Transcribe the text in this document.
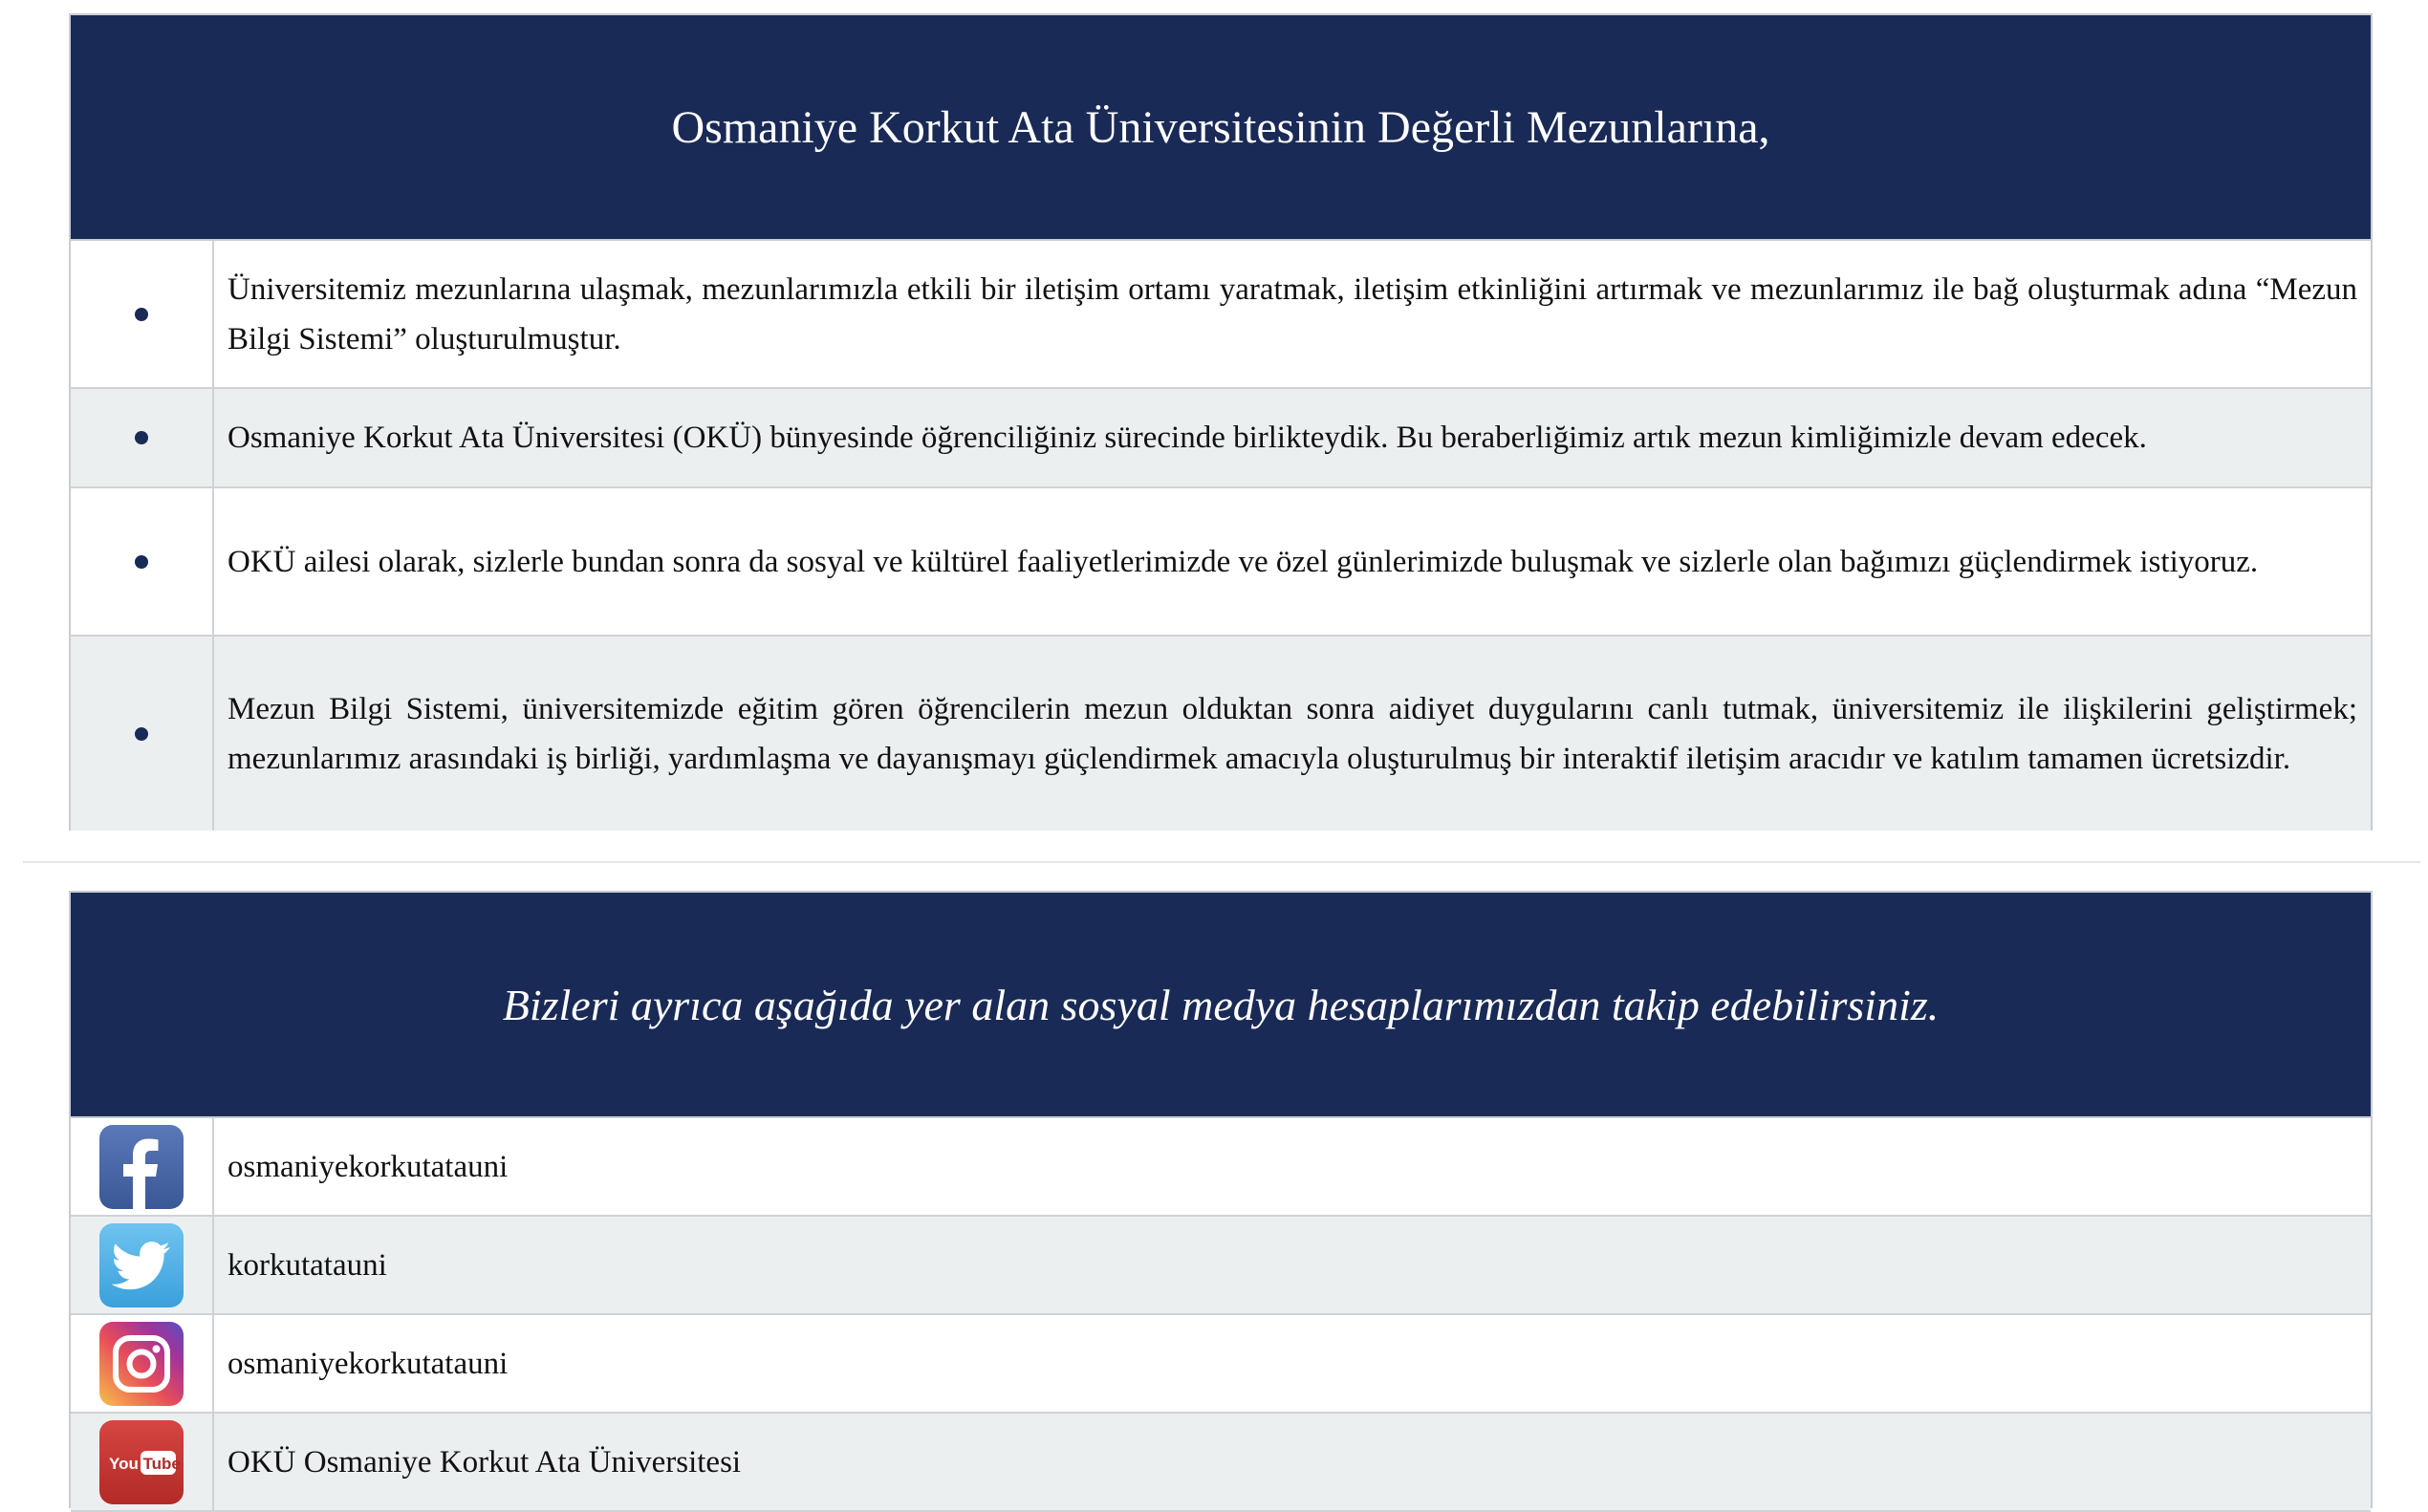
Osmaniye Korkut Ata Üniversitesinin Değerli Mezunlarına,
Üniversitemiz mezunlarına ulaşmak, mezunlarımızla etkili bir iletişim ortamı yaratmak, iletişim etkinliğini artırmak ve mezunlarımız ile bağ oluşturmak adına “Mezun Bilgi Sistemi” oluşturulmuştur.
Osmaniye Korkut Ata Üniversitesi (OKÜ) bünyesinde öğrenciliğiniz sürecinde birlikteydik. Bu beraberliğimiz artık mezun kimliğimizle devam edecek.
OKÜ ailesi olarak, sizlerle bundan sonra da sosyal ve kültürel faaliyetlerimizde ve özel günlerimizde buluşmak ve sizlerle olan bağımızı güçlendirmek istiyoruz.
Mezun Bilgi Sistemi, üniversitemizde eğitim gören öğrencilerin mezun olduktan sonra aidiyet duygularını canlı tutmak, üniversitemiz ile ilişkilerini geliştirmek; mezunlarımız arasındaki iş birliği, yardımlaşma ve dayanışmayı güçlendirmek amacıyla oluşturulmuş bir interaktif iletişim aracıdır ve katılım tamamen ücretsizdir.
Bizleri ayrıca aşağıda yer alan sosyal medya hesaplarımızdan takip edebilirsiniz.
osmaniyekorkutatauni
korkutatauni
osmaniyekorkutatauni
You Tube OKÜ Osmaniye Korkut Ata Üniversitesi
